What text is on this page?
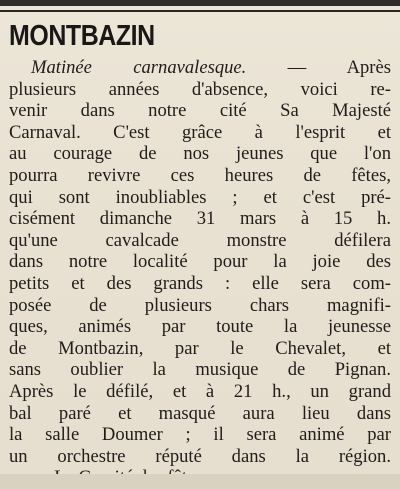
MONTBAZIN
Matinée carnavalesque. — Après
plusieurs années d'absence, voici re-
venir dans notre cité Sa Majesté
Carnaval. C'est grâce à l'esprit et
au courage de nos jeunes que l'on
pourra revivre ces heures de fêtes,
qui sont inoubliables ; et c'est pré-
cisément dimanche 31 mars à 15 h.
qu'une cavalcade monstre défilera
dans notre localité pour la joie des
petits et des grands : elle sera com-
posée de plusieurs chars magnifi-
ques, animés par toute la jeunesse
de Montbazin, par le Chevalet, et
sans oublier la musique de Pignan.
Après le défilé, et à 21 h., un grand
bal paré et masqué aura lieu dans
la salle Doumer ; il sera animé par
un orchestre réputé dans la région.
